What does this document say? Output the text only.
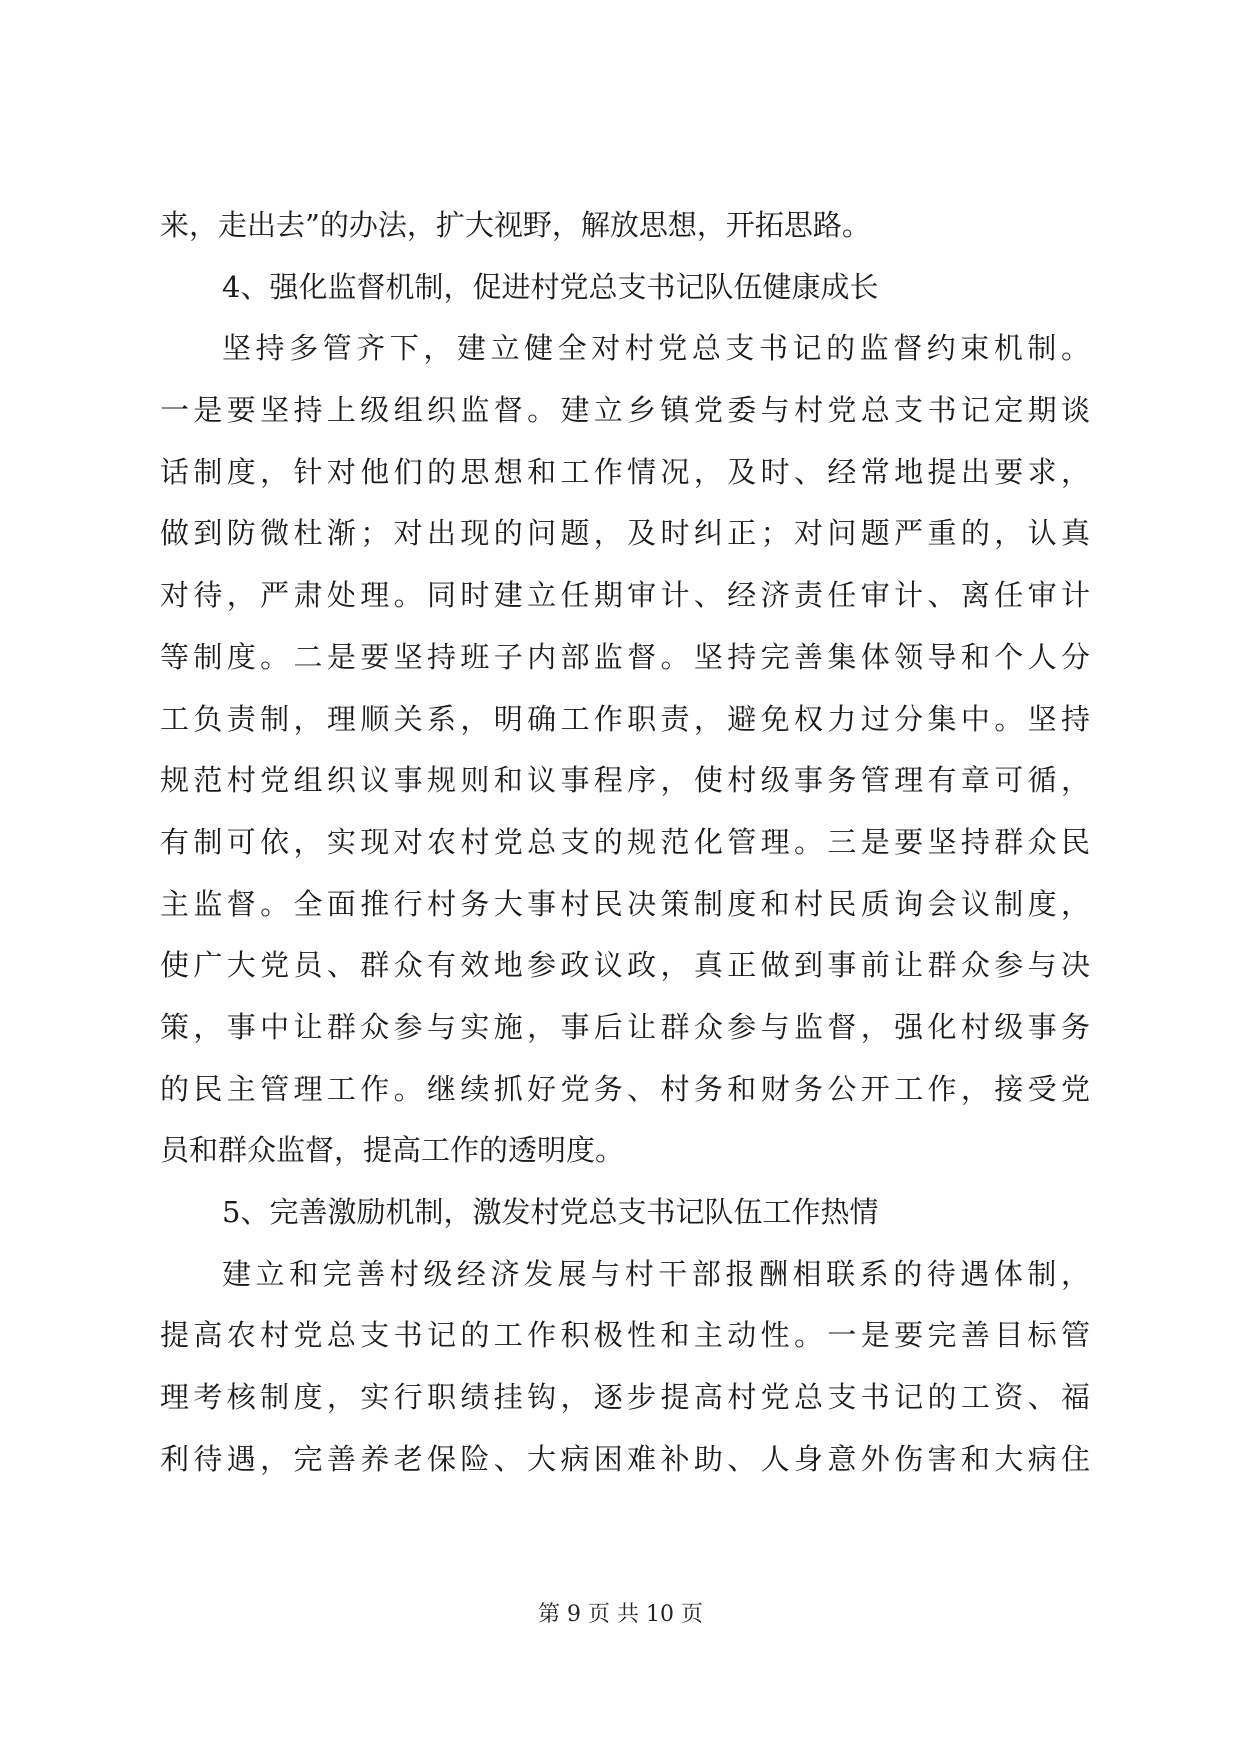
来，走出去”的办法，扩大视野，解放思想，开拓思路。
4、强化监督机制，促进村党总支书记队伍健康成长
坚持多管齐下，建立健全对村党总支书记的监督约束机制。
一是要坚持上级组织监督。建立乡镇党委与村党总支书记定期谈
话制度，针对他们的思想和工作情况，及时、经常地提出要求，
做到防微杜渐；对出现的问题，及时纠正；对问题严重的，认真
对待，严肃处理。同时建立任期审计、经济责任审计、离任审计
等制度。二是要坚持班子内部监督。坚持完善集体领导和个人分
工负责制，理顺关系，明确工作职责，避免权力过分集中。坚持
规范村党组织议事规则和议事程序，使村级事务管理有章可循，
有制可依，实现对农村党总支的规范化管理。三是要坚持群众民
主监督。全面推行村务大事村民决策制度和村民质询会议制度，
使广大党员、群众有效地参政议政，真正做到事前让群众参与决
策，事中让群众参与实施，事后让群众参与监督，强化村级事务
的民主管理工作。继续抓好党务、村务和财务公开工作，接受党
员和群众监督，提高工作的透明度。
5、完善激励机制，激发村党总支书记队伍工作热情
建立和完善村级经济发展与村干部报酬相联系的待遇体制，
提高农村党总支书记的工作积极性和主动性。一是要完善目标管
理考核制度，实行职绩挂钩，逐步提高村党总支书记的工资、福
利待遇，完善养老保险、大病困难补助、人身意外伤害和大病住
第 9 页 共 10 页
